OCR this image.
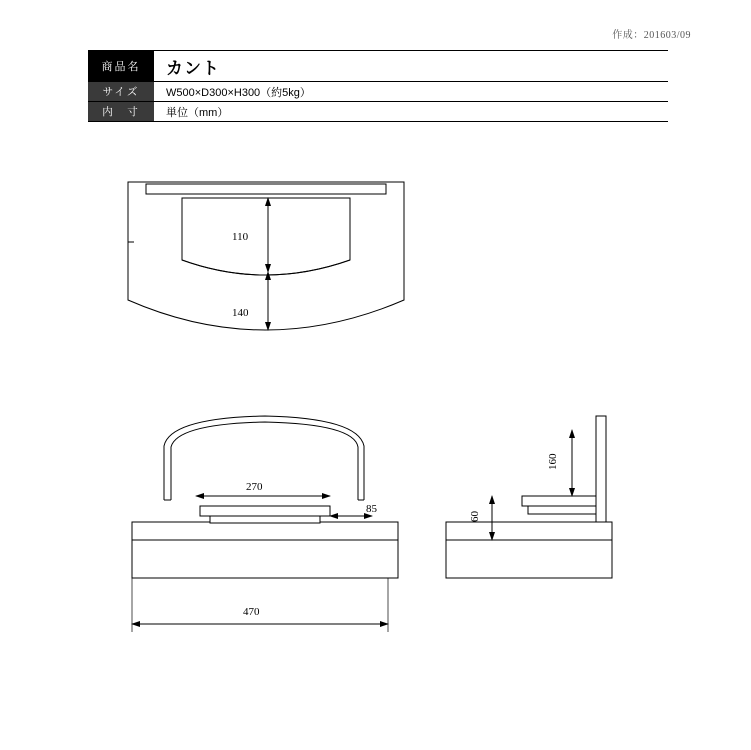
作成：201603/09
商品名	カント
サイズ	W500×D300×H300（約5kg）
内　寸	単位（mm）
110
140
270
85
470
160
60
